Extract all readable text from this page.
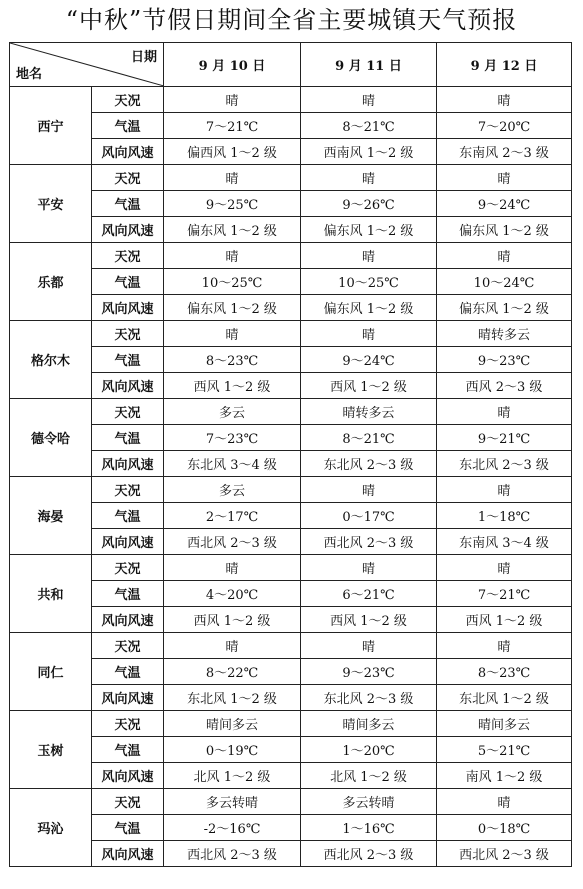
“中秋”节假日期间全省主要城镇天气预报
日期
地名		9 月 10 日	9 月 11 日	9 月 12 日
西宁	天况	晴	晴	晴
	气温	7～21℃	8～21℃	7～20℃
	风向风速	偏西风 1～2 级	西南风 1～2 级	东南风 2～3 级
平安	天况	晴	晴	晴
	气温	9～25℃	9～26℃	9～24℃
	风向风速	偏东风 1～2 级	偏东风 1～2 级	偏东风 1～2 级
乐都	天况	晴	晴	晴
	气温	10～25℃	10～25℃	10～24℃
	风向风速	偏东风 1～2 级	偏东风 1～2 级	偏东风 1～2 级
格尔木	天况	晴	晴	晴转多云
	气温	8～23℃	9～24℃	9～23℃
	风向风速	西风 1～2 级	西风 1～2 级	西风 2～3 级
德令哈	天况	多云	晴转多云	晴
	气温	7～23℃	8～21℃	9～21℃
	风向风速	东北风 3～4 级	东北风 2～3 级	东北风 2～3 级
海晏	天况	多云	晴	晴
	气温	2～17℃	0～17℃	1～18℃
	风向风速	西北风 2～3 级	西北风 2～3 级	东南风 3～4 级
共和	天况	晴	晴	晴
	气温	4～20℃	6～21℃	7～21℃
	风向风速	西风 1～2 级	西风 1～2 级	西风 1～2 级
同仁	天况	晴	晴	晴
	气温	8～22℃	9～23℃	8～23℃
	风向风速	东北风 1～2 级	东北风 2～3 级	东北风 1～2 级
玉树	天况	晴间多云	晴间多云	晴间多云
	气温	0～19℃	1～20℃	5～21℃
	风向风速	北风 1～2 级	北风 1～2 级	南风 1～2 级
玛沁	天况	多云转晴	多云转晴	晴
	气温	-2～16℃	1～16℃	0～18℃
	风向风速	西北风 2～3 级	西北风 2～3 级	西北风 2～3 级
